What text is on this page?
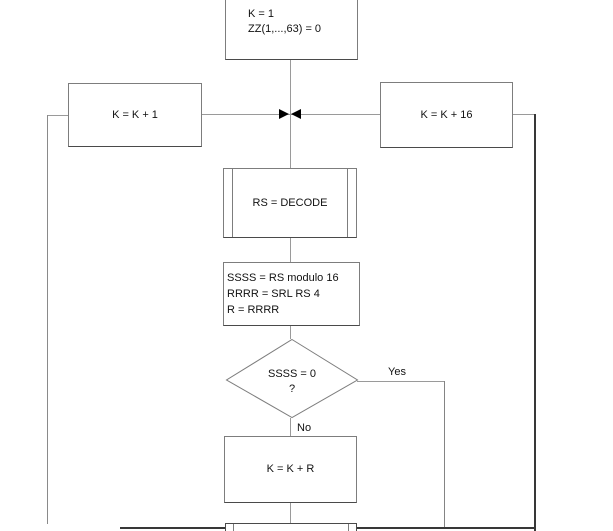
K = 1
ZZ(1,...,63) = 0
K = K + 1	K = K + 16
RS = DECODE
SSSS = RS modulo 16
RRRR = SRL RS 4
R = RRRR
SSSS = 0
?
Yes
No
K = K + R
